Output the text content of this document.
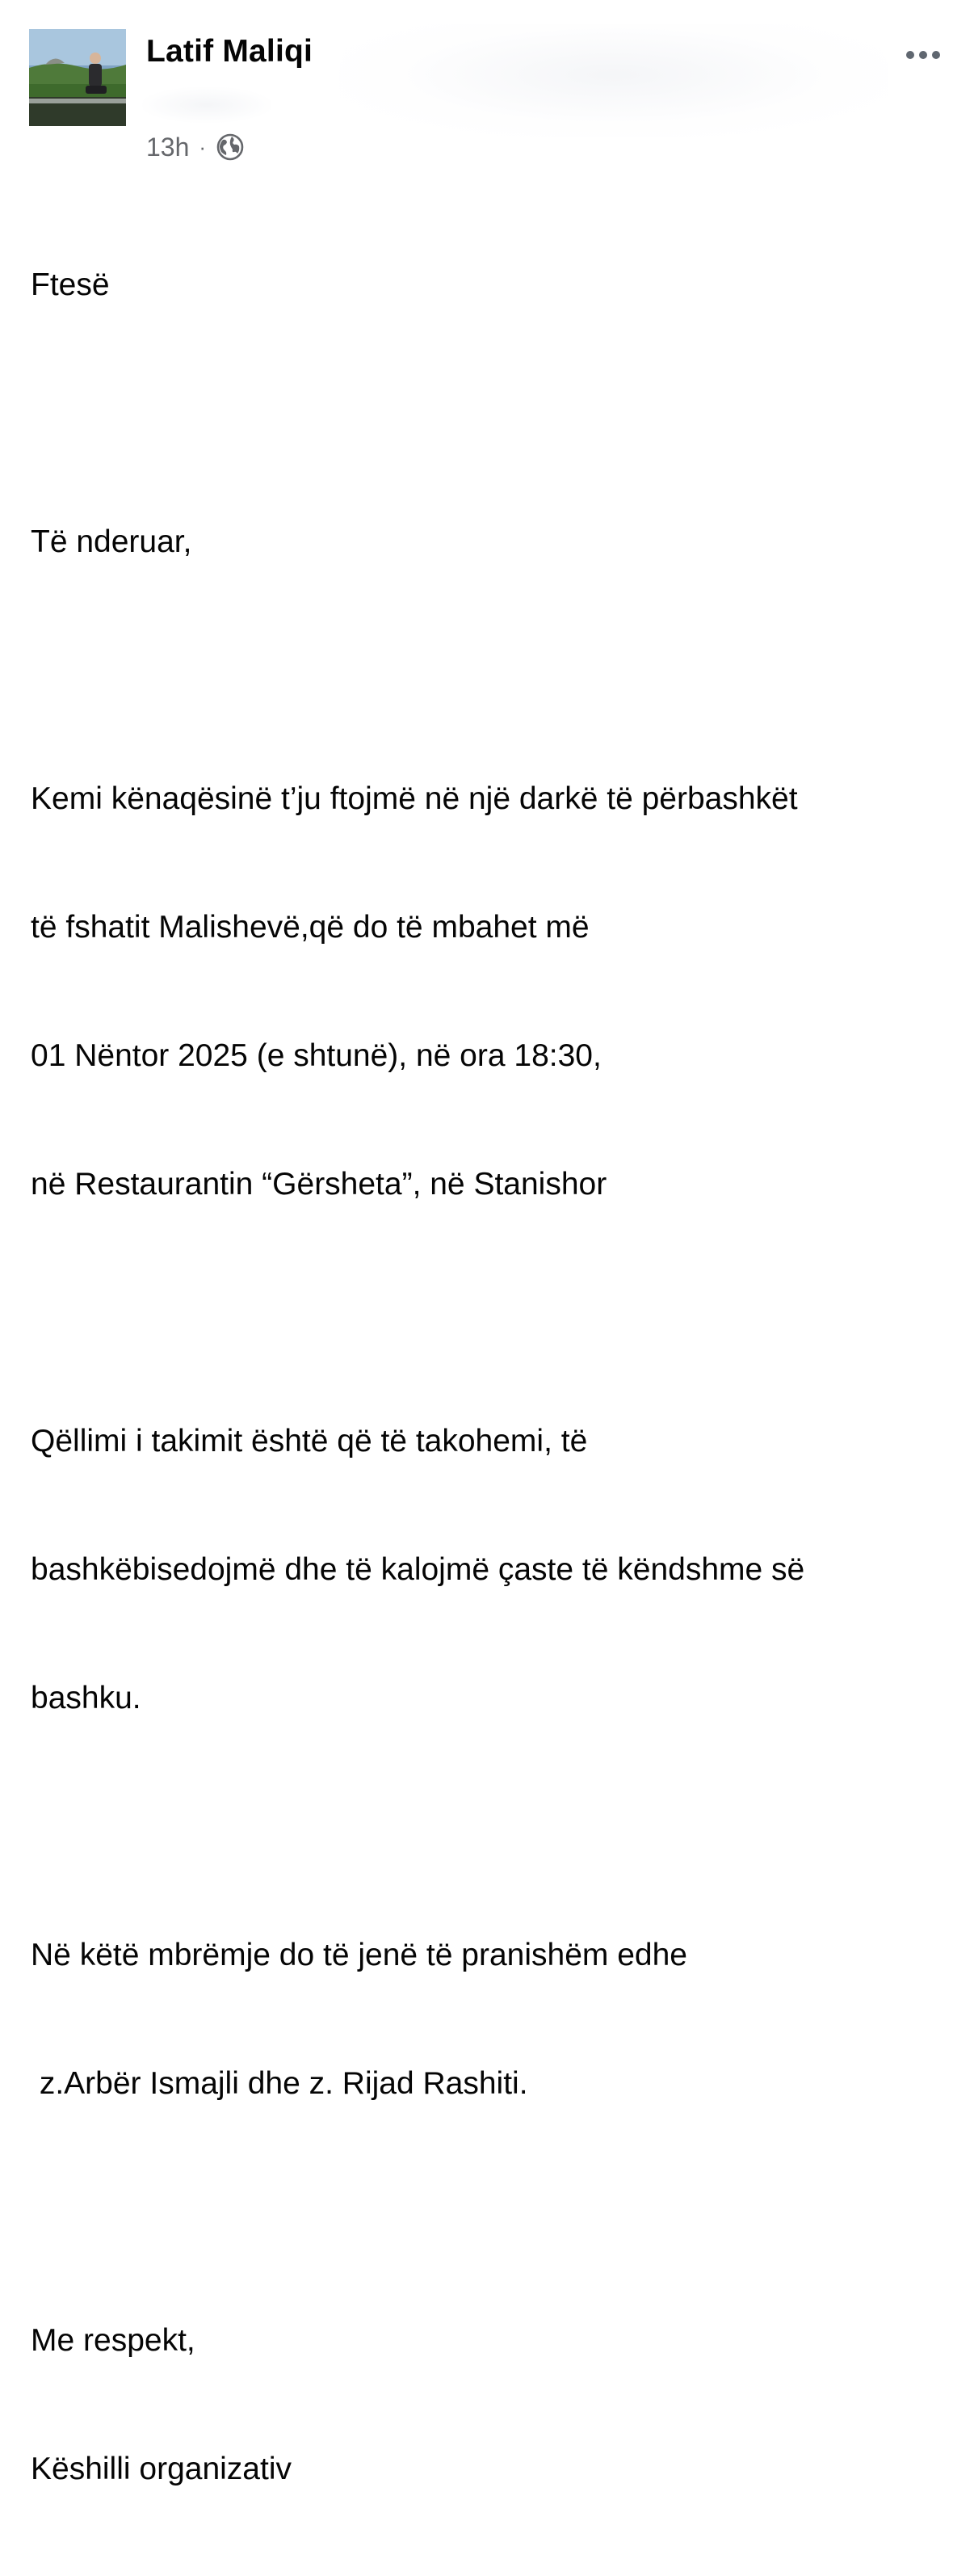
Latif Maliqi
13h ·

Ftesë

Të nderuar,

Kemi kënaqësinë t’ju ftojmë në një darkë të përbashkët

të fshatit Malishevë,që do të mbahet më

01 Nëntor 2025 (e shtunë), në ora 18:30,

në Restaurantin “Gërsheta”, në Stanishor

Qëllimi i takimit është që të takohemi, të

bashkëbisedojmë dhe të kalojmë çaste të këndshme së

bashku.

Në këtë mbrëmje do të jenë të pranishëm edhe

z.Arbër Ismajli dhe z. Rijad Rashiti.

Me respekt,

Këshilli organizativ
